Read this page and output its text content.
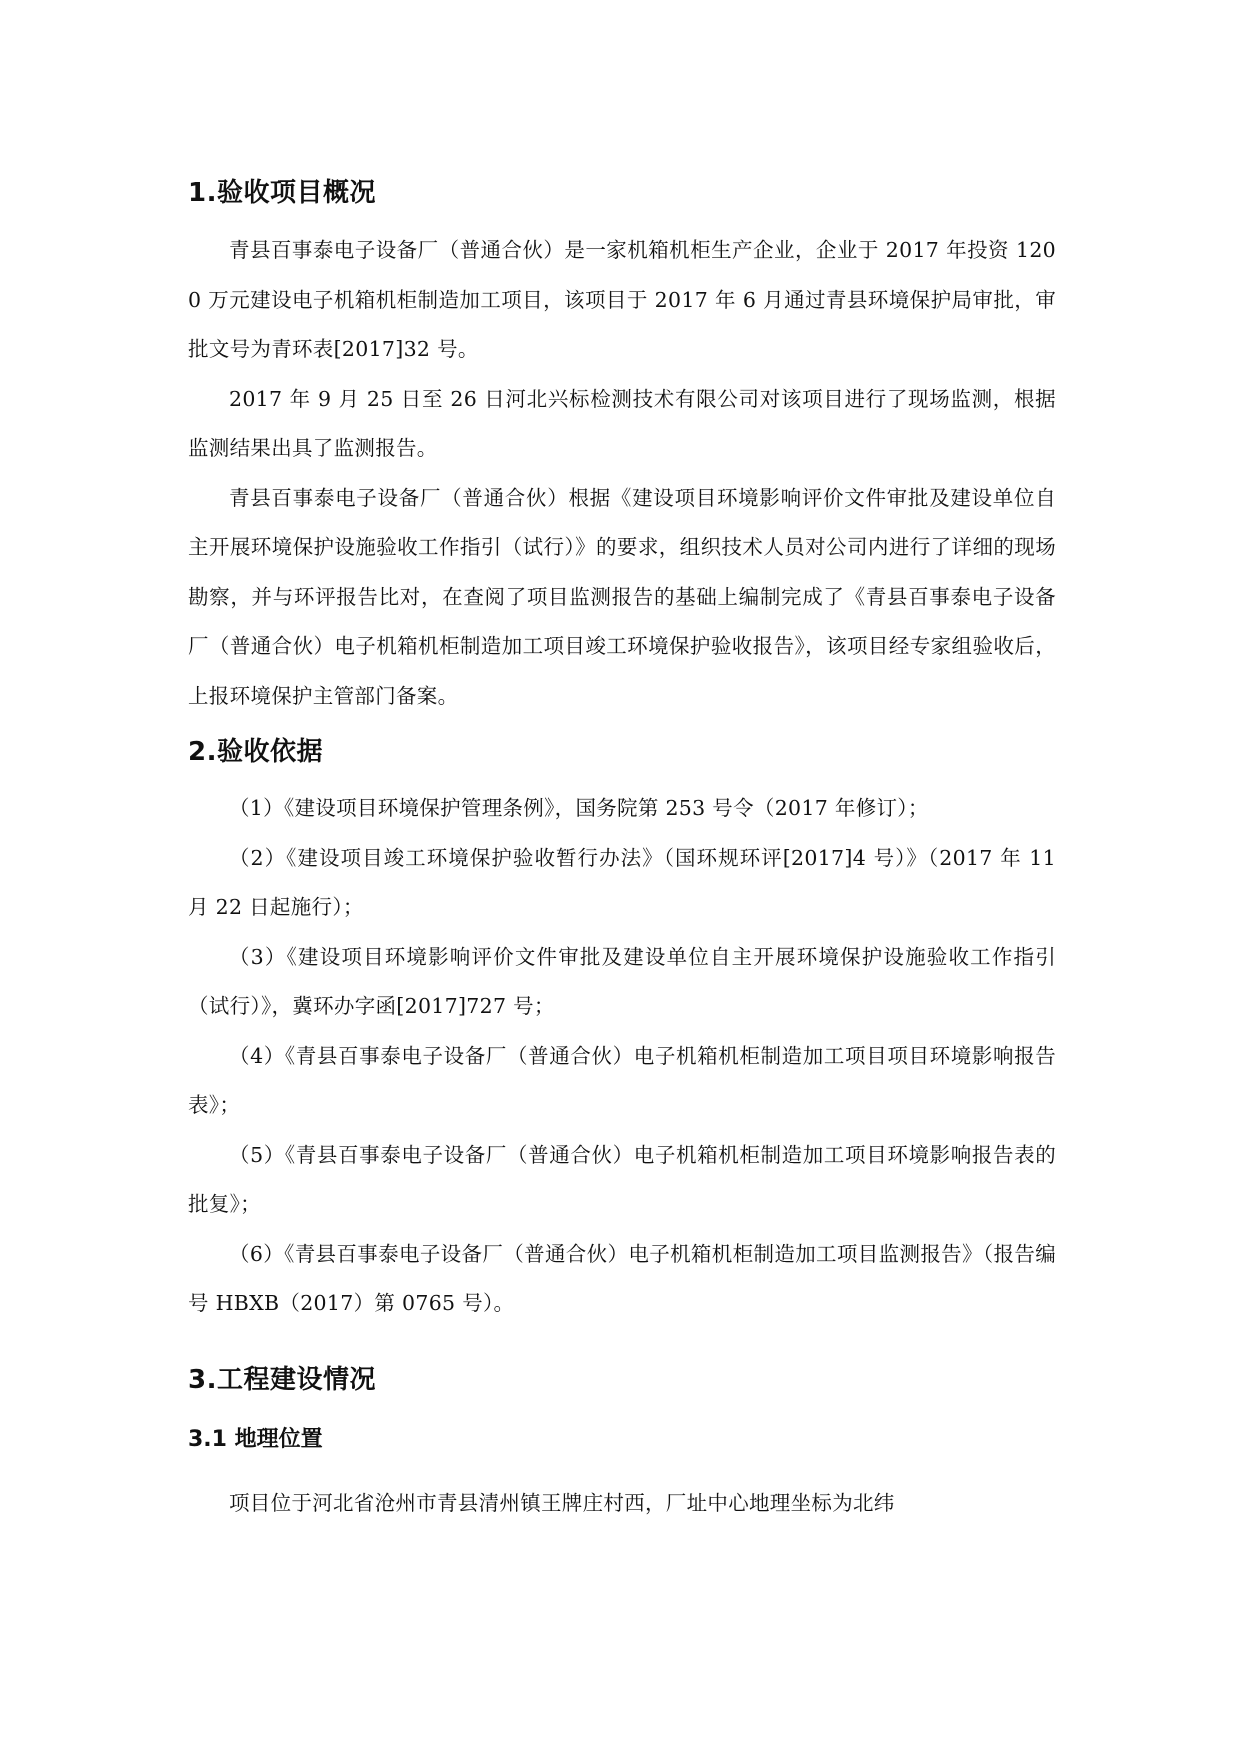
1.验收项目概况

青县百事泰电子设备厂（普通合伙）是一家机箱机柜生产企业，企业于 2017 年投资 1200 万元建设电子机箱机柜制造加工项目，该项目于 2017 年 6 月通过青县环境保护局审批，审批文号为青环表[2017]32 号。

2017 年 9 月 25 日至 26 日河北兴标检测技术有限公司对该项目进行了现场监测，根据监测结果出具了监测报告。

青县百事泰电子设备厂（普通合伙）根据《建设项目环境影响评价文件审批及建设单位自主开展环境保护设施验收工作指引（试行）》的要求，组织技术人员对公司内进行了详细的现场勘察，并与环评报告比对，在查阅了项目监测报告的基础上编制完成了《青县百事泰电子设备厂（普通合伙）电子机箱机柜制造加工项目竣工环境保护验收报告》，该项目经专家组验收后，上报环境保护主管部门备案。

2.验收依据

（1）《建设项目环境保护管理条例》，国务院第 253 号令（2017 年修订）；

（2）《建设项目竣工环境保护验收暂行办法》（国环规环评[2017]4 号）》（2017 年 11 月 22 日起施行）；

（3）《建设项目环境影响评价文件审批及建设单位自主开展环境保护设施验收工作指引（试行）》，冀环办字函[2017]727 号；

（4）《青县百事泰电子设备厂（普通合伙）电子机箱机柜制造加工项目项目环境影响报告表》；

（5）《青县百事泰电子设备厂（普通合伙）电子机箱机柜制造加工项目环境影响报告表的批复》；

（6）《青县百事泰电子设备厂（普通合伙）电子机箱机柜制造加工项目监测报告》（报告编号 HBXB（2017）第 0765 号）。

3.工程建设情况
3.1 地理位置

项目位于河北省沧州市青县清州镇王牌庄村西，厂址中心地理坐标为北纬
